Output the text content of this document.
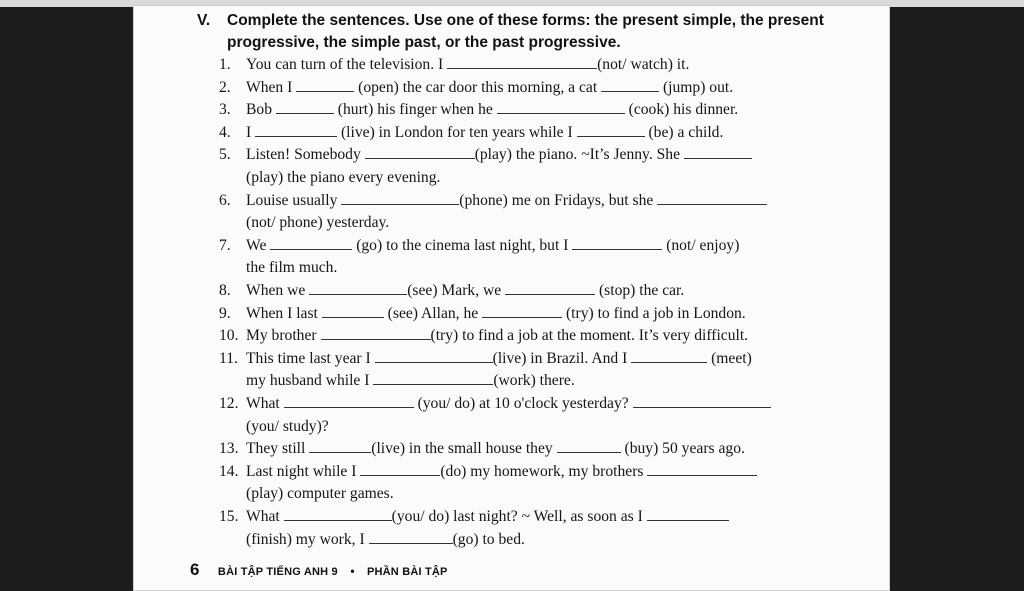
V. Complete the sentences. Use one of these forms: the present simple, the present progressive, the simple past, or the past progressive.
1. You can turn of the television. I	(not/ watch) it.
2. When I	(open) the car door this morning, a cat	(jump) out.
3. Bob	(hurt) his finger when he	(cook) his dinner.
4. I	(live) in London for ten years while I	(be) a child.
5. Listen! Somebody	(play) the piano. ~It’s Jenny. She
(play) the piano every evening.
6. Louise usually	(phone) me on Fridays, but she
(not/ phone) yesterday.
7. We	(go) to the cinema last night, but I	(not/ enjoy)
the film much.
8. When we	(see) Mark, we	(stop) the car.
9. When I last	(see) Allan, he	(try) to find a job in London.
10. My brother	(try) to find a job at the moment. It’s very difficult.
11. This time last year I	(live) in Brazil. And I	(meet)
my husband while I	(work) there.
12. What	(you/ do) at 10 o'clock yesterday?
(you/ study)?
13. They still	(live) in the small house they	(buy) 50 years ago.
14. Last night while I	(do) my homework, my brothers
(play) computer games.
15. What	(you/ do) last night? ~ Well, as soon as I
(finish) my work, I	(go) to bed.
6 BÀI TẬP TIẾNG ANH 9 • PHẦN BÀI TẬP
